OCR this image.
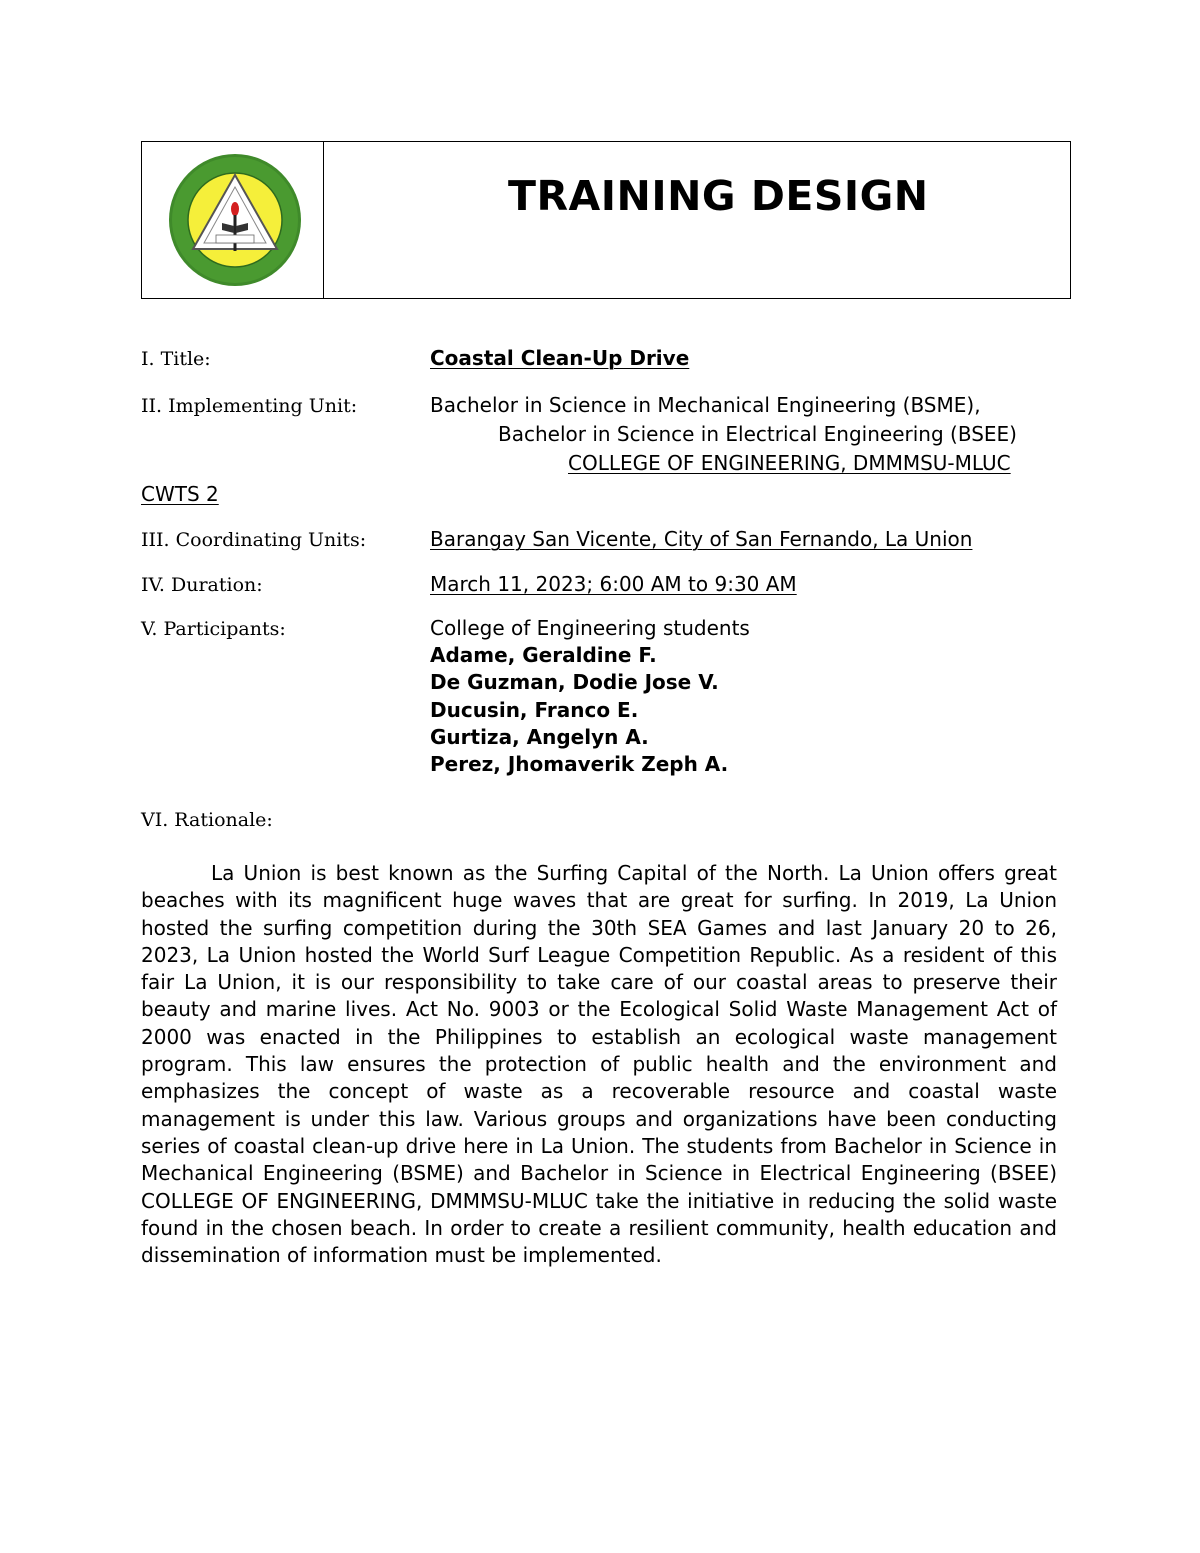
TRAINING DESIGN
I. Title:	Coastal Clean-Up Drive
II. Implementing Unit:	Bachelor in Science in Mechanical Engineering (BSME),
Bachelor in Science in Electrical Engineering (BSEE)
COLLEGE OF ENGINEERING, DMMMSU-MLUC
CWTS 2
III. Coordinating Units:	Barangay San Vicente, City of San Fernando, La Union
IV. Duration:	March 11, 2023; 6:00 AM to 9:30 AM
V. Participants:	College of Engineering students
Adame, Geraldine F.
De Guzman, Dodie Jose V.
Ducusin, Franco E.
Gurtiza, Angelyn A.
Perez, Jhomaverik Zeph A.
VI. Rationale:

La Union is best known as the Surfing Capital of the North. La Union offers great beaches with its magnificent huge waves that are great for surfing. In 2019, La Union hosted the surfing competition during the 30th SEA Games and last January 20 to 26, 2023, La Union hosted the World Surf League Competition Republic. As a resident of this fair La Union, it is our responsibility to take care of our coastal areas to preserve their beauty and marine lives. Act No. 9003 or the Ecological Solid Waste Management Act of 2000 was enacted in the Philippines to establish an ecological waste management program. This law ensures the protection of public health and the environment and emphasizes the concept of waste as a recoverable resource and coastal waste management is under this law. Various groups and organizations have been conducting series of coastal clean-up drive here in La Union. The students from Bachelor in Science in Mechanical Engineering (BSME) and Bachelor in Science in Electrical Engineering (BSEE) COLLEGE OF ENGINEERING, DMMMSU-MLUC take the initiative in reducing the solid waste found in the chosen beach. In order to create a resilient community, health education and dissemination of information must be implemented.
